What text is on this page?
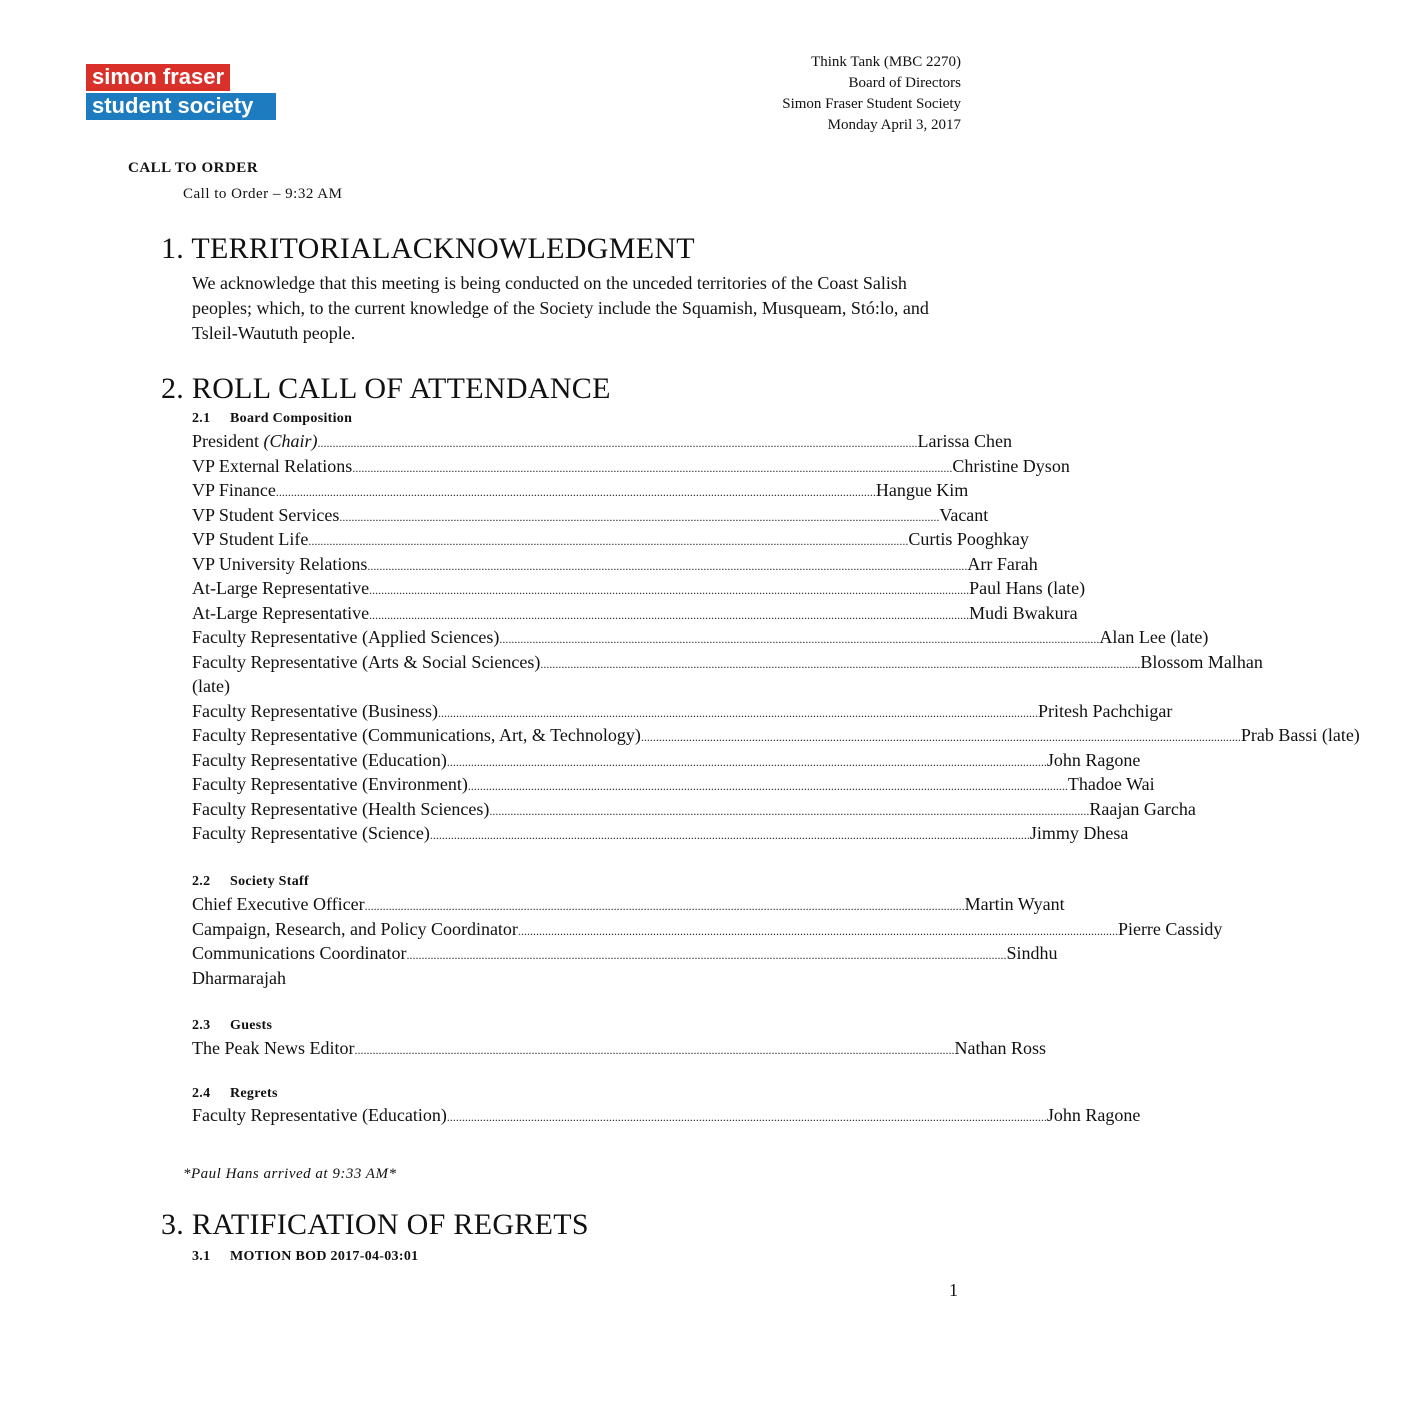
simon fraser
student society
Think Tank (MBC 2270)
Board of Directors
Simon Fraser Student Society
Monday April 3, 2017
CALL TO ORDER
Call to Order – 9:32 AM
1. TERRITORIALACKNOWLEDGMENT
We acknowledge that this meeting is being conducted on the unceded territories of the Coast Salish peoples; which, to the current knowledge of the Society include the Squamish, Musqueam, Stó:lo, and Tsleil-Waututh people.
2. ROLL CALL OF ATTENDANCE
2.1 Board Composition
President (Chair) ........................................................................................................................................................................................................ Larissa Chen
VP External Relations ........................................................................................................................................................................................................ Christine Dyson
VP Finance ........................................................................................................................................................................................................ Hangue Kim
VP Student Services ........................................................................................................................................................................................................ Vacant
VP Student Life ........................................................................................................................................................................................................ Curtis Pooghkay
VP University Relations ........................................................................................................................................................................................................ Arr Farah
At-Large Representative ........................................................................................................................................................................................................ Paul Hans (late)
At-Large Representative ........................................................................................................................................................................................................ Mudi Bwakura
Faculty Representative (Applied Sciences) ........................................................................................................................................................................................................ Alan Lee (late)
Faculty Representative (Arts & Social Sciences) ........................................................................................................................................................................................................ Blossom Malhan
(late)
Faculty Representative (Business) ........................................................................................................................................................................................................ Pritesh Pachchigar
Faculty Representative (Communications, Art, & Technology) ........................................................................................................................................................................................................ Prab Bassi (late)
Faculty Representative (Education) ........................................................................................................................................................................................................ John Ragone
Faculty Representative (Environment) ........................................................................................................................................................................................................ Thadoe Wai
Faculty Representative (Health Sciences) ........................................................................................................................................................................................................ Raajan Garcha
Faculty Representative (Science) ........................................................................................................................................................................................................ Jimmy Dhesa
2.2 Society Staff
Chief Executive Officer ........................................................................................................................................................................................................ Martin Wyant
Campaign, Research, and Policy Coordinator ........................................................................................................................................................................................................ Pierre Cassidy
Communications Coordinator ........................................................................................................................................................................................................ Sindhu
Dharmarajah
2.3 Guests
The Peak News Editor ........................................................................................................................................................................................................ Nathan Ross
2.4 Regrets
Faculty Representative (Education) ........................................................................................................................................................................................................ John Ragone
*Paul Hans arrived at 9:33 AM*
3. RATIFICATION OF REGRETS
3.1 MOTION BOD 2017-04-03:01
1
